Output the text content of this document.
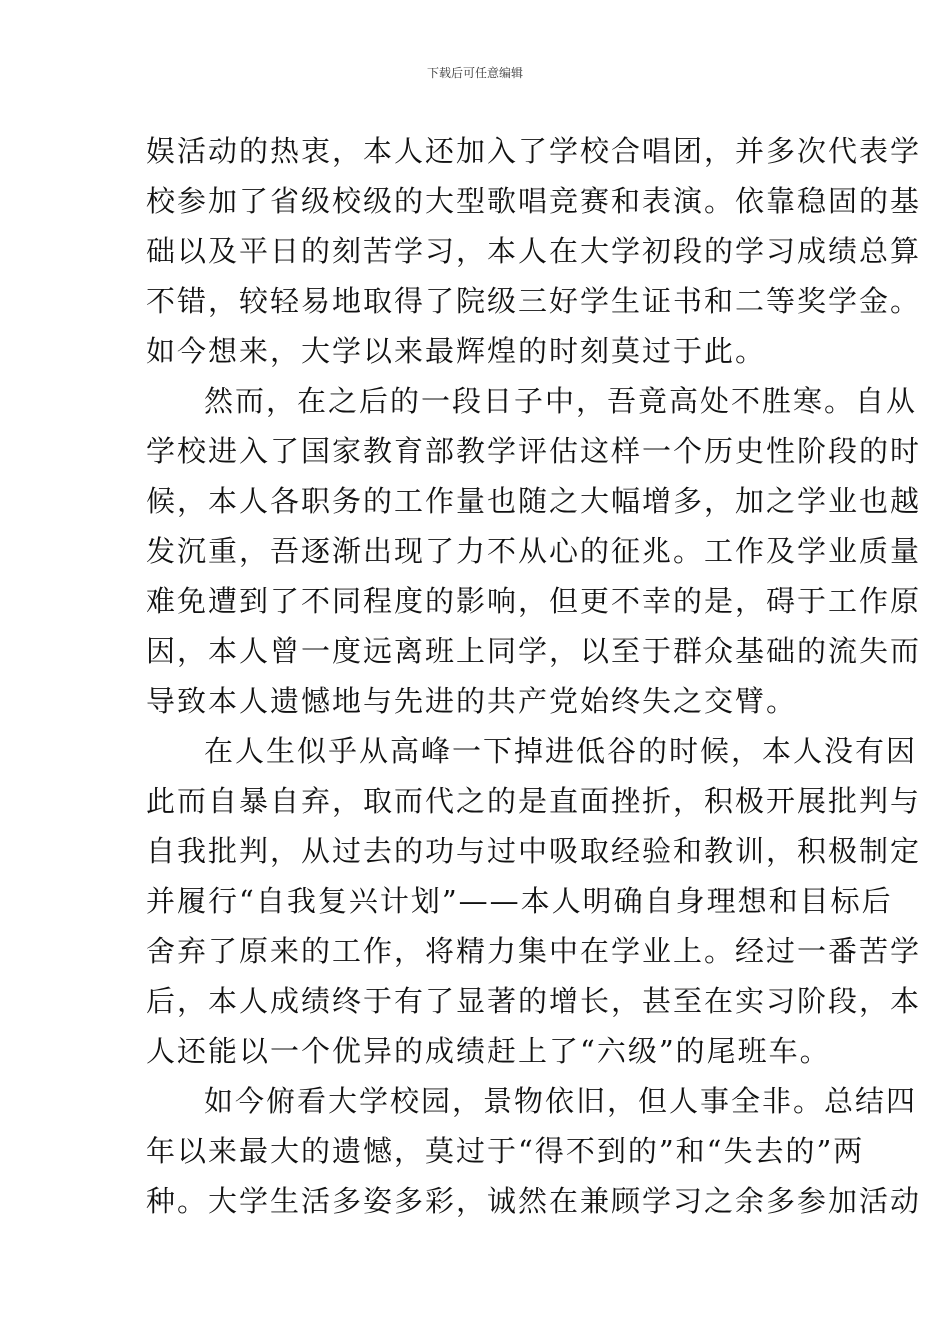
下载后可任意编辑
娱活动的热衷，本人还加入了学校合唱团，并多次代表学
校参加了省级校级的大型歌唱竞赛和表演。依靠稳固的基
础以及平日的刻苦学习，本人在大学初段的学习成绩总算
不错，较轻易地取得了院级三好学生证书和二等奖学金。
如今想来，大学以来最辉煌的时刻莫过于此。
然而，在之后的一段日子中，吾竟高处不胜寒。自从
学校进入了国家教育部教学评估这样一个历史性阶段的时
候，本人各职务的工作量也随之大幅增多，加之学业也越
发沉重，吾逐渐出现了力不从心的征兆。工作及学业质量
难免遭到了不同程度的影响，但更不幸的是，碍于工作原
因，本人曾一度远离班上同学，以至于群众基础的流失而
导致本人遗憾地与先进的共产党始终失之交臂。
在人生似乎从高峰一下掉进低谷的时候，本人没有因
此而自暴自弃，取而代之的是直面挫折，积极开展批判与
自我批判，从过去的功与过中吸取经验和教训，积极制定
并履行“自我复兴计划”——本人明确自身理想和目标后
舍弃了原来的工作，将精力集中在学业上。经过一番苦学
后，本人成绩终于有了显著的增长，甚至在实习阶段，本
人还能以一个优异的成绩赶上了“六级”的尾班车。
如今俯看大学校园，景物依旧，但人事全非。总结四
年以来最大的遗憾，莫过于“得不到的”和“失去的”两
种。大学生活多姿多彩，诚然在兼顾学习之余多参加活动
